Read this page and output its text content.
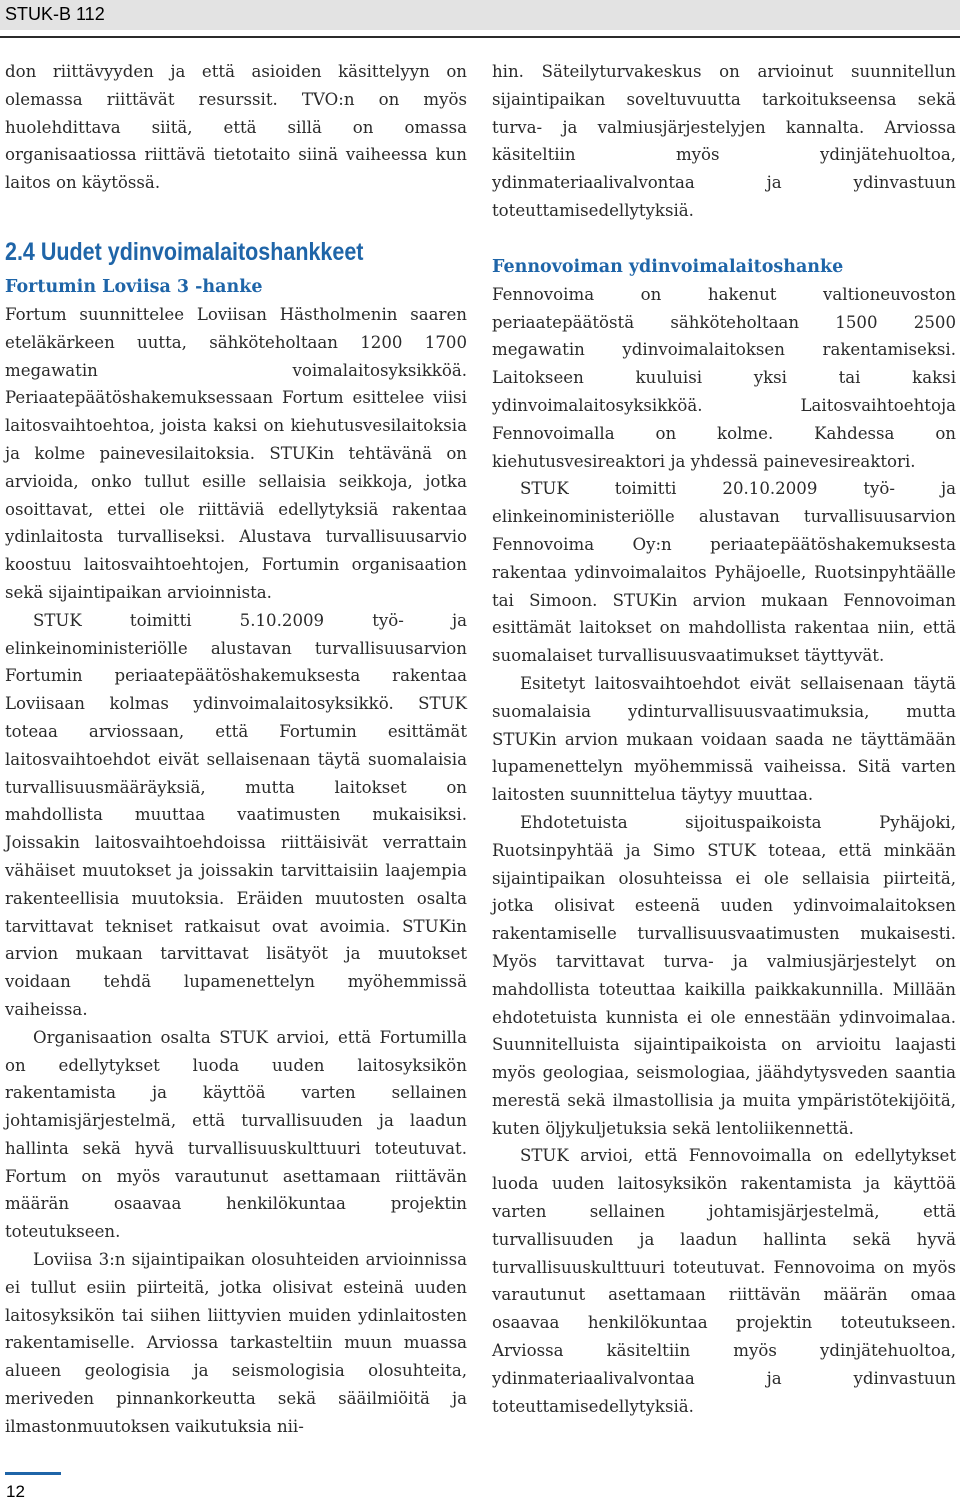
STUK-B 112

don riittävyyden ja että asioiden käsittelyyn on olemassa riittävät resurssit. TVO:n on myös huolehdittava siitä, että sillä on omassa organisaatiossa riittävä tietotaito siinä vaiheessa kun laitos on käytössä.

2.4 Uudet ydinvoimalaitoshankkeet

Fortumin Loviisa 3 -hanke

Fortum suunnittelee Loviisan Hästholmenin saaren eteläkärkeen uutta, sähköteholtaan 1200 1700 megawatin voimalaitosyksikköä. Periaatepäätöshakemuksessaan Fortum esittelee viisi laitosvaihtoehtoa, joista kaksi on kiehutusvesilaitoksia ja kolme painevesilaitoksia. STUKin tehtävänä on arvioida, onko tullut esille sellaisia seikkoja, jotka osoittavat, ettei ole riittäviä edellytyksiä rakentaa ydinlaitosta turvalliseksi. Alustava turvallisuusarvio koostuu laitosvaihtoehtojen, Fortumin organisaation sekä sijaintipaikan arvioinnista.

STUK toimitti 5.10.2009 työ- ja elinkeinoministeriölle alustavan turvallisuusarvion Fortumin periaatepäätöshakemuksesta rakentaa Loviisaan kolmas ydinvoimalaitosyksikkö. STUK toteaa arviossaan, että Fortumin esittämät laitosvaihtoehdot eivät sellaisenaan täytä suomalaisia turvallisuusmääräyksiä, mutta laitokset on mahdollista muuttaa vaatimusten mukaisiksi. Joissakin laitosvaihtoehdoissa riittäisivät verrattain vähäiset muutokset ja joissakin tarvittaisiin laajempia rakenteellisia muutoksia. Eräiden muutosten osalta tarvittavat tekniset ratkaisut ovat avoimia. STUKin arvion mukaan tarvittavat lisätyöt ja muutokset voidaan tehdä lupamenettelyn myöhemmissä vaiheissa.

Organisaation osalta STUK arvioi, että Fortumilla on edellytykset luoda uuden laitosyksikön rakentamista ja käyttöä varten sellainen johtamisjärjestelmä, että turvallisuuden ja laadun hallinta sekä hyvä turvallisuuskulttuuri toteutuvat. Fortum on myös varautunut asettamaan riittävän määrän osaavaa henkilökuntaa projektin toteutukseen.

Loviisa 3:n sijaintipaikan olosuhteiden arvioinnissa ei tullut esiin piirteitä, jotka olisivat esteinä uuden laitosyksikön tai siihen liittyvien muiden ydinlaitosten rakentamiselle. Arviossa tarkasteltiin muun muassa alueen geologisia ja seismologisia olosuhteita, meriveden pinnankorkeutta sekä sääilmiöitä ja ilmastonmuutoksen vaikutuksia nii-

hin. Säteilyturvakeskus on arvioinut suunnitellun sijaintipaikan soveltuvuutta tarkoitukseensa sekä turva- ja valmiusjärjestelyjen kannalta. Arviossa käsiteltiin myös ydinjätehuoltoa, ydinmateriaalivalvontaa ja ydinvastuun toteuttamisedellytyksiä.

Fennovoiman ydinvoimalaitoshanke

Fennovoima on hakenut valtioneuvoston periaatepäätöstä sähköteholtaan 1500 2500 megawatin ydinvoimalaitoksen rakentamiseksi. Laitokseen kuuluisi yksi tai kaksi ydinvoimalaitosyksikköä. Laitosvaihtoehtoja Fennovoimalla on kolme. Kahdessa on kiehutusvesireaktori ja yhdessä painevesireaktori.

STUK toimitti 20.10.2009 työ- ja elinkeinoministeriölle alustavan turvallisuusarvion Fennovoima Oy:n periaatepäätöshakemuksesta rakentaa ydinvoimalaitos Pyhäjoelle, Ruotsinpyhtäälle tai Simoon. STUKin arvion mukaan Fennovoiman esittämät laitokset on mahdollista rakentaa niin, että suomalaiset turvallisuusvaatimukset täyttyvät.

Esitetyt laitosvaihtoehdot eivät sellaisenaan täytä suomalaisia ydinturvallisuusvaatimuksia, mutta STUKin arvion mukaan voidaan saada ne täyttämään lupamenettelyn myöhemmissä vaiheissa. Sitä varten laitosten suunnittelua täytyy muuttaa.

Ehdotetuista sijoituspaikoista Pyhäjoki, Ruotsinpyhtää ja Simo STUK toteaa, että minkään sijaintipaikan olosuhteissa ei ole sellaisia piirteitä, jotka olisivat esteenä uuden ydinvoimalaitoksen rakentamiselle turvallisuusvaatimusten mukaisesti. Myös tarvittavat turva- ja valmiusjärjestelyt on mahdollista toteuttaa kaikilla paikkakunnilla. Millään ehdotetuista kunnista ei ole ennestään ydinvoimalaa. Suunnitelluista sijaintipaikoista on arvioitu laajasti myös geologiaa, seismologiaa, jäähdytysveden saantia merestä sekä ilmastollisia ja muita ympäristötekijöitä, kuten öljykuljetuksia sekä lentoliikennettä.

STUK arvioi, että Fennovoimalla on edellytykset luoda uuden laitosyksikön rakentamista ja käyttöä varten sellainen johtamisjärjestelmä, että turvallisuuden ja laadun hallinta sekä hyvä turvallisuuskulttuuri toteutuvat. Fennovoima on myös varautunut asettamaan riittävän määrän omaa osaavaa henkilökuntaa projektin toteutukseen. Arviossa käsiteltiin myös ydinjätehuoltoa, ydinmateriaalivalvontaa ja ydinvastuun toteuttamisedellytyksiä.

12
